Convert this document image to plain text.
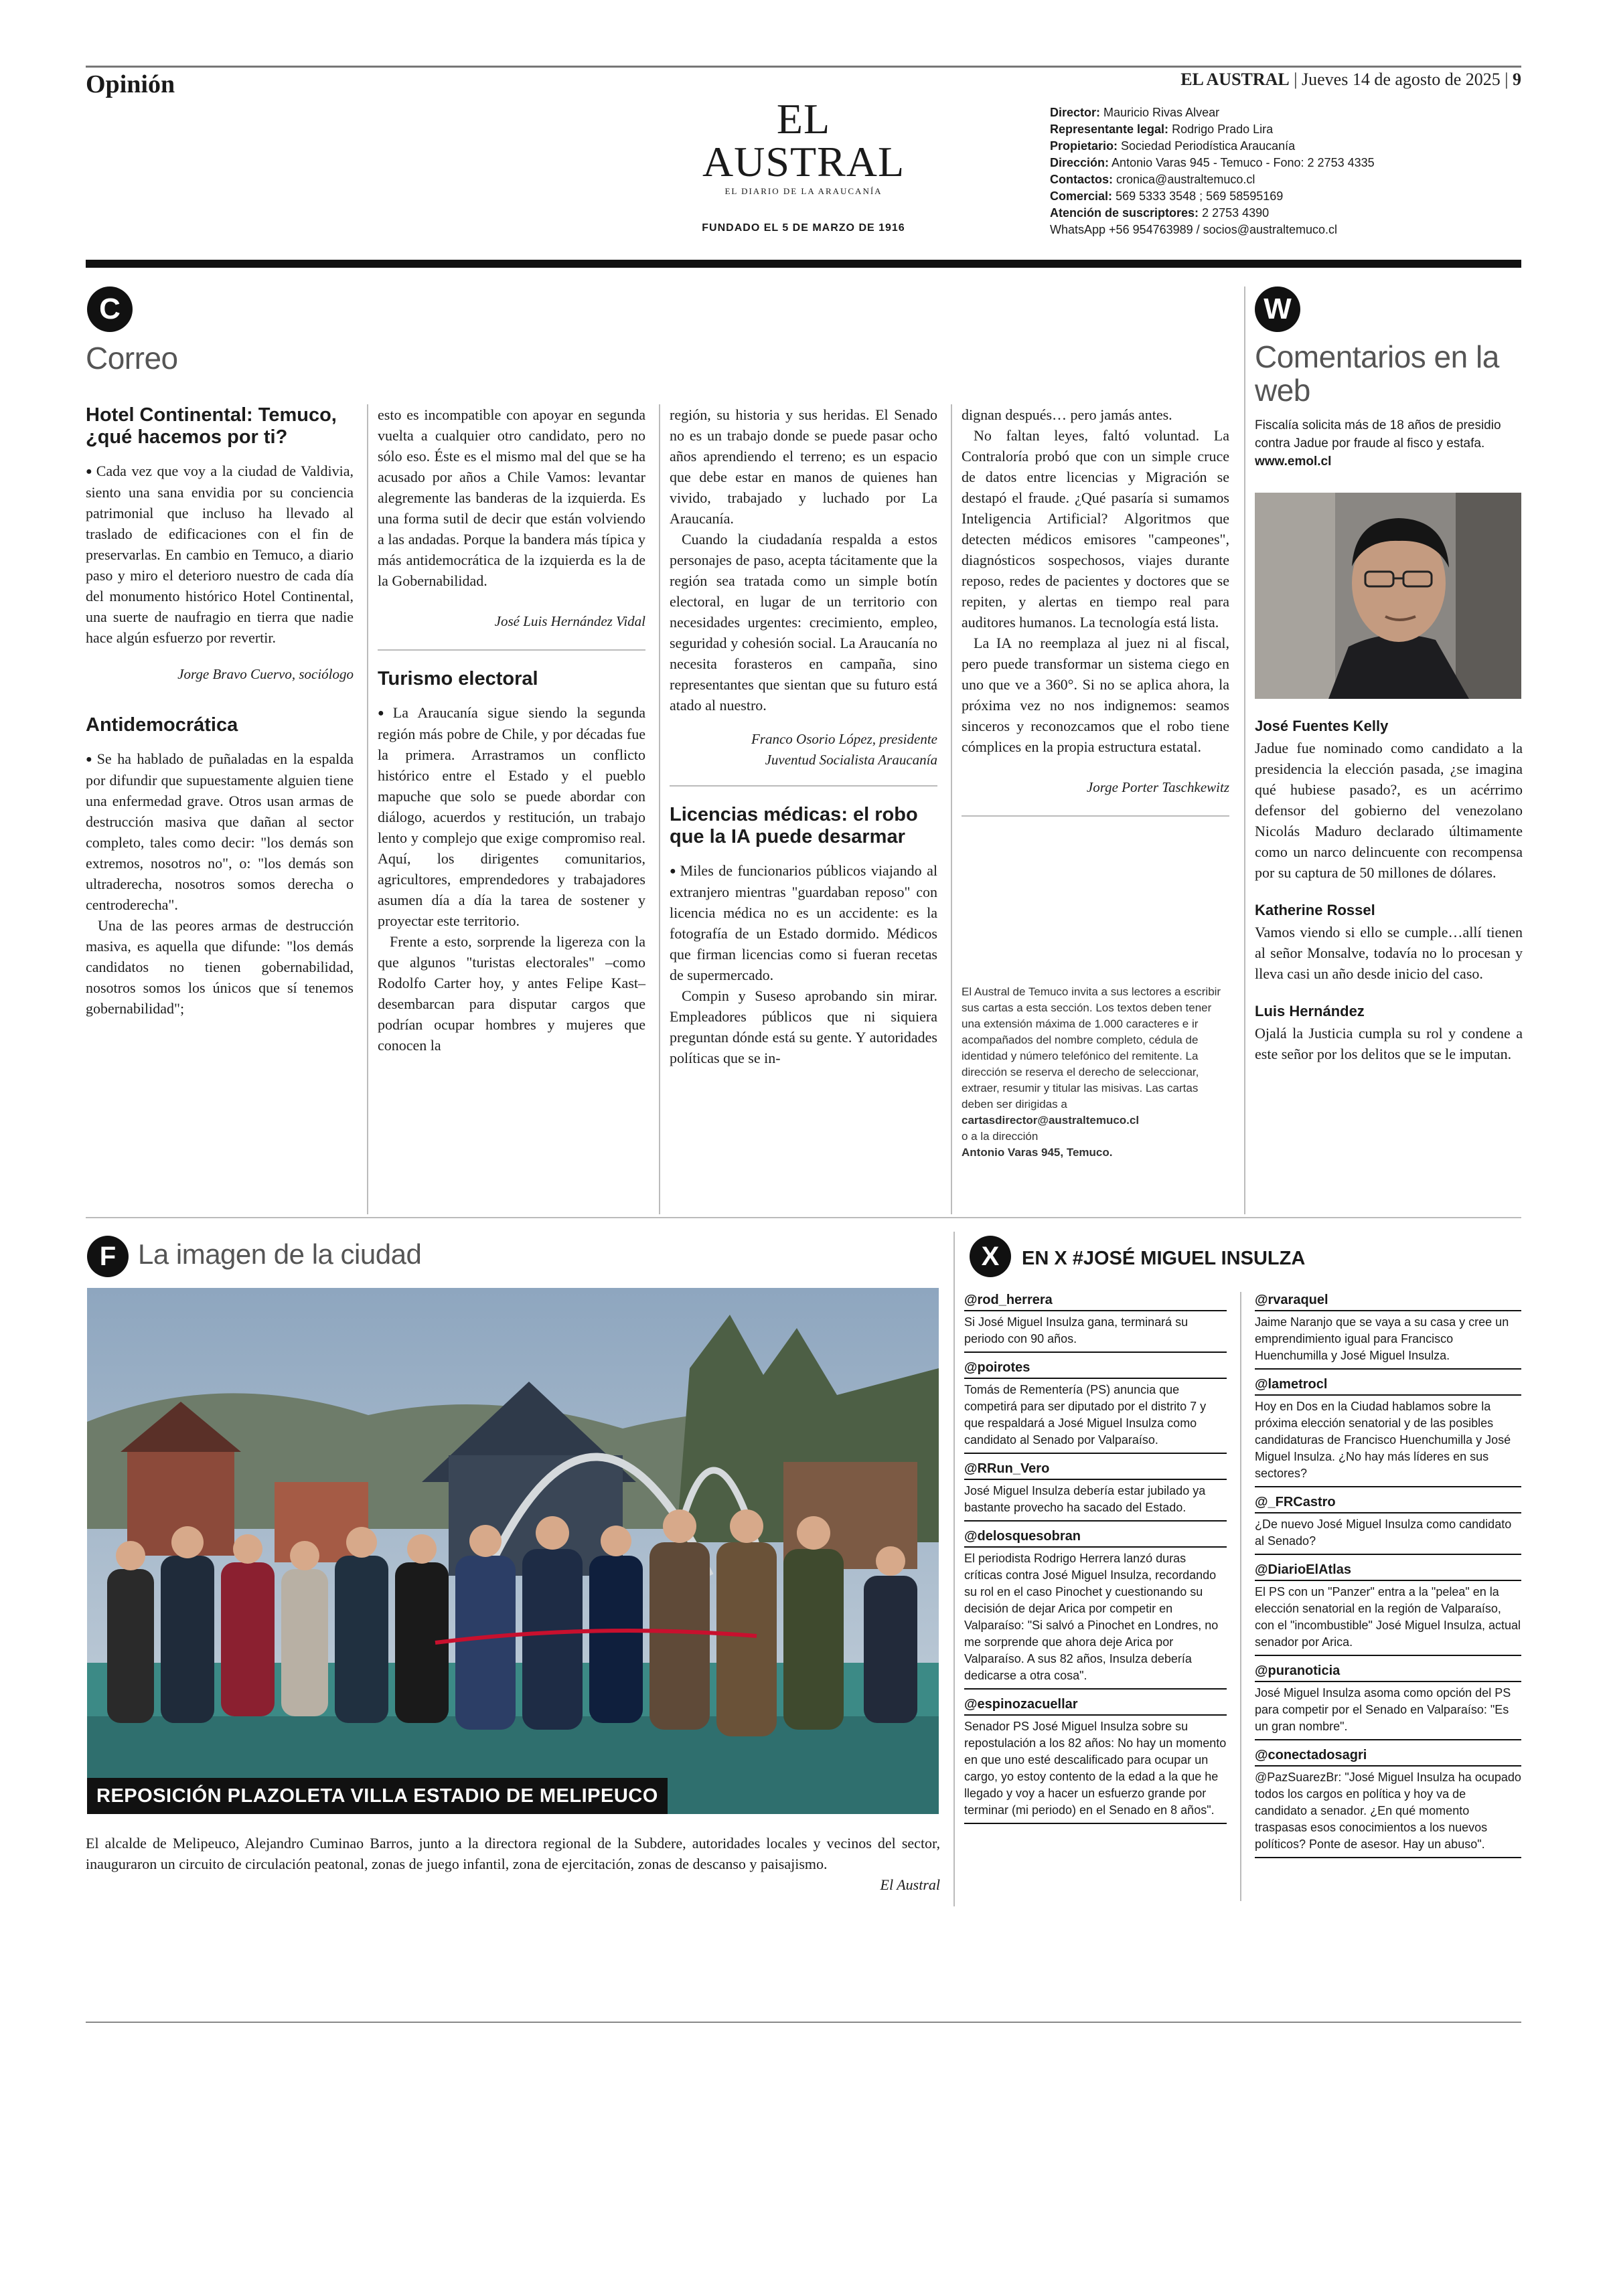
Opinión	EL AUSTRAL | Jueves 14 de agosto de 2025 | 9
EL AUSTRAL
EL DIARIO DE LA ARAUCANÍA
FUNDADO EL 5 DE MARZO DE 1916
Director: Mauricio Rivas Alvear
Representante legal: Rodrigo Prado Lira
Propietario: Sociedad Periodística Araucanía
Dirección: Antonio Varas 945 - Temuco - Fono: 2 2753 4335
Contactos: cronica@australtemuco.cl
Comercial: 569 5333 3548 ; 569 58595169
Atención de suscriptores: 2 2753 4390
WhatsApp +56 954763989 / socios@australtemuco.cl
C
Correo
Hotel Continental: Temuco, ¿qué hacemos por ti?

● Cada vez que voy a la ciudad de Valdivia, siento una sana envidia por su conciencia patrimonial que incluso ha llevado al traslado de edificaciones con el fin de preservarlas. En cambio en Temuco, a diario paso y miro el deterioro nuestro de cada día del monumento histórico Hotel Continental, una suerte de naufragio en tierra que nadie hace algún esfuerzo por revertir.

Jorge Bravo Cuervo, sociólogo
Antidemocrática

● Se ha hablado de puñaladas en la espalda por difundir que supuestamente alguien tiene una enfermedad grave. Otros usan armas de destrucción masiva que dañan al sector completo, tales como decir: "los demás son extremos, nosotros no", o: "los demás son ultraderecha, nosotros somos derecha o centroderecha".

Una de las peores armas de destrucción masiva, es aquella que difunde: "los demás candidatos no tienen gobernabilidad, nosotros somos los únicos que sí tenemos gobernabilidad";

esto es incompatible con apoyar en segunda vuelta a cualquier otro candidato, pero no sólo eso. Éste es el mismo mal del que se ha acusado por años a Chile Vamos: levantar alegremente las banderas de la izquierda. Es una forma sutil de decir que están volviendo a las andadas. Porque la bandera más típica y más antidemocrática de la izquierda es la de la Gobernabilidad.

José Luis Hernández Vidal
Turismo electoral

● La Araucanía sigue siendo la segunda región más pobre de Chile, y por décadas fue la primera. Arrastramos un conflicto histórico entre el Estado y el pueblo mapuche que solo se puede abordar con diálogo, acuerdos y restitución, un trabajo lento y complejo que exige compromiso real. Aquí, los dirigentes comunitarios, agricultores, emprendedores y trabajadores asumen día a día la tarea de sostener y proyectar este territorio.

Frente a esto, sorprende la ligereza con la que algunos "turistas electorales" –como Rodolfo Carter hoy, y antes Felipe Kast– desembarcan para disputar cargos que podrían ocupar hombres y mujeres que conocen la

región, su historia y sus heridas. El Senado no es un trabajo donde se puede pasar ocho años aprendiendo el terreno; es un espacio que debe estar en manos de quienes han vivido, trabajado y luchado por La Araucanía.

Cuando la ciudadanía respalda a estos personajes de paso, acepta tácitamente que la región sea tratada como un simple botín electoral, en lugar de un territorio con necesidades urgentes: crecimiento, empleo, seguridad y cohesión social. La Araucanía no necesita forasteros en campaña, sino representantes que sientan que su futuro está atado al nuestro.

Franco Osorio López, presidente
Juventud Socialista Araucanía
Licencias médicas: el robo que la IA puede desarmar

● Miles de funcionarios públicos viajando al extranjero mientras "guardaban reposo" con licencia médica no es un accidente: es la fotografía de un Estado dormido. Médicos que firman licencias como si fueran recetas de supermercado.

Compin y Suseso aprobando sin mirar. Empleadores públicos que ni siquiera preguntan dónde está su gente. Y autoridades políticas que se in-

dignan después… pero jamás antes.

No faltan leyes, faltó voluntad. La Contraloría probó que con un simple cruce de datos entre licencias y Migración se destapó el fraude. ¿Qué pasaría si sumamos Inteligencia Artificial? Algoritmos que detecten médicos emisores "campeones", diagnósticos sospechosos, viajes durante reposo, redes de pacientes y doctores que se repiten, y alertas en tiempo real para auditores humanos. La tecnología está lista.

La IA no reemplaza al juez ni al fiscal, pero puede transformar un sistema ciego en uno que ve a 360°. Si no se aplica ahora, la próxima vez no nos indignemos: seamos sinceros y reconozcamos que el robo tiene cómplices en la propia estructura estatal.

Jorge Porter Taschkewitz
El Austral de Temuco invita a sus lectores a escribir sus cartas a esta sección. Los textos deben tener una extensión máxima de 1.000 caracteres e ir acompañados del nombre completo, cédula de identidad y número telefónico del remitente. La dirección se reserva el derecho de seleccionar, extraer, resumir y titular las misivas. Las cartas deben ser dirigidas a cartasdirector@australtemuco.cl
o a la dirección
Antonio Varas 945, Temuco.
W
Comentarios en la web
Fiscalía solicita más de 18 años de presidio contra Jadue por fraude al fisco y estafa. www.emol.cl
José Fuentes Kelly
Jadue fue nominado como candidato a la presidencia la elección pasada, ¿se imagina qué hubiese pasado?, es un acérrimo defensor del gobierno del venezolano Nicolás Maduro declarado últimamente como un narco delincuente con recompensa por su captura de 50 millones de dólares.
Katherine Rossel
Vamos viendo si ello se cumple…allí tienen al señor Monsalve, todavía no lo procesan y lleva casi un año desde inicio del caso.
Luis Hernández
Ojalá la Justicia cumpla su rol y condene a este señor por los delitos que se le imputan.
F La imagen de la ciudad
REPOSICIÓN PLAZOLETA VILLA ESTADIO DE MELIPEUCO
El alcalde de Melipeuco, Alejandro Cuminao Barros, junto a la directora regional de la Subdere, autoridades locales y vecinos del sector, inauguraron un circuito de circulación peatonal, zonas de juego infantil, zona de ejercitación, zonas de descanso y paisajismo.
El Austral
X	EN X #JOSÉ MIGUEL INSULZA
@rod_herrera
Si José Miguel Insulza gana, terminará su periodo con 90 años.
@poirotes
Tomás de Rementería (PS) anuncia que competirá para ser diputado por el distrito 7 y que respaldará a José Miguel Insulza como candidato al Senado por Valparaíso.
@RRun_Vero
José Miguel Insulza debería estar jubilado ya bastante provecho ha sacado del Estado.
@delosquesobran
El periodista Rodrigo Herrera lanzó duras críticas contra José Miguel Insulza, recordando su rol en el caso Pinochet y cuestionando su decisión de dejar Arica por competir en Valparaíso: "Si salvó a Pinochet en Londres, no me sorprende que ahora deje Arica por Valparaíso. A sus 82 años, Insulza debería dedicarse a otra cosa".
@espinozacuellar
Senador PS José Miguel Insulza sobre su repostulación a los 82 años: No hay un momento en que uno esté descalificado para ocupar un cargo, yo estoy contento de la edad a la que he llegado y voy a hacer un esfuerzo grande por terminar (mi periodo) en el Senado en 8 años".
@rvaraquel
Jaime Naranjo que se vaya a su casa y cree un emprendimiento igual para Francisco Huenchumilla y José Miguel Insulza.
@lametrocl
Hoy en Dos en la Ciudad hablamos sobre la próxima elección senatorial y de las posibles candidaturas de Francisco Huenchumilla y José Miguel Insulza. ¿No hay más líderes en sus sectores?
@_FRCastro
¿De nuevo José Miguel Insulza como candidato al Senado?
@DiarioElAtlas
El PS con un "Panzer" entra a la "pelea" en la elección senatorial en la región de Valparaíso, con el "incombustible" José Miguel Insulza, actual senador por Arica.
@puranoticia
José Miguel Insulza asoma como opción del PS para competir por el Senado en Valparaíso: "Es un gran nombre".
@conectadosagri
@PazSuarezBr: "José Miguel Insulza ha ocupado todos los cargos en política y hoy va de candidato a senador. ¿En qué momento traspasas esos conocimientos a los nuevos políticos? Ponte de asesor. Hay un abuso".
